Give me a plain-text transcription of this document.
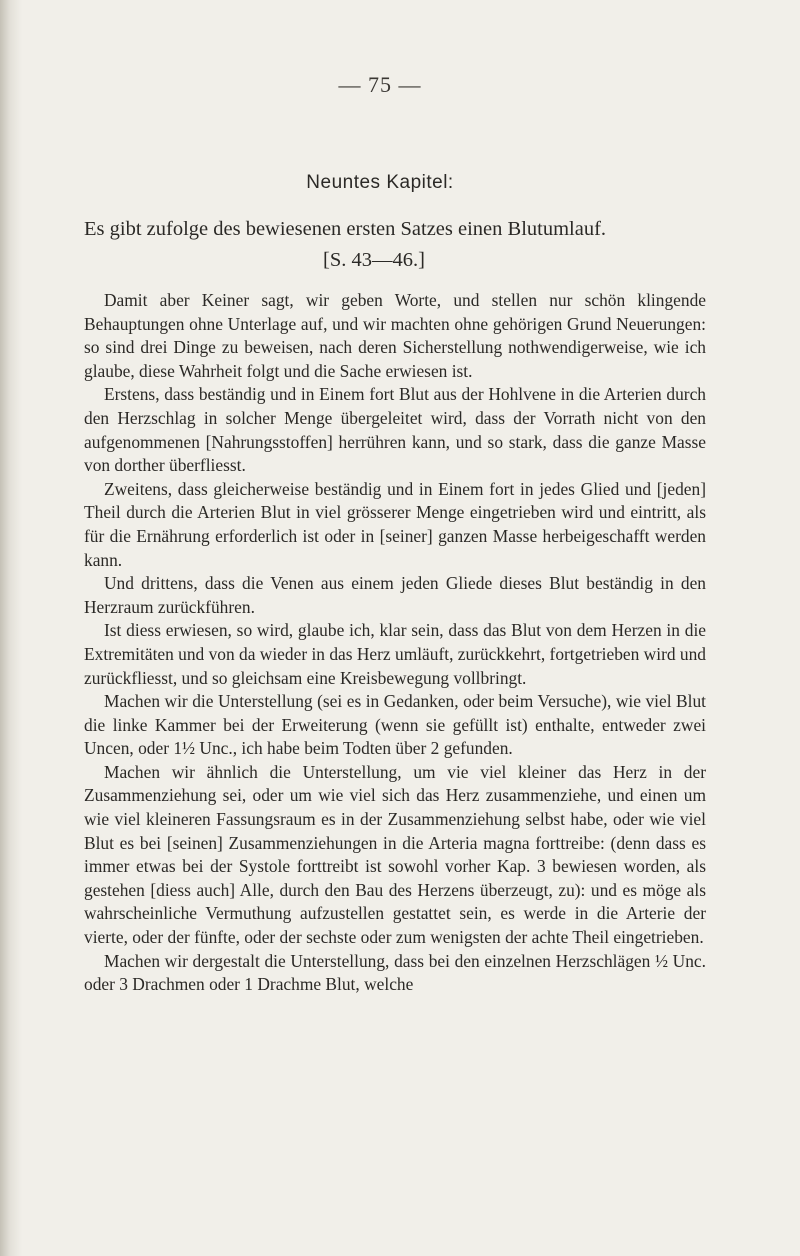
— 75 —
Neuntes Kapitel:
Es gibt zufolge des bewiesenen ersten Satzes einen Blutumlauf.
[S. 43—46.]

Damit aber Keiner sagt, wir geben Worte, und stellen nur schön klingende Behauptungen ohne Unterlage auf, und wir machten ohne gehörigen Grund Neuerungen: so sind drei Dinge zu beweisen, nach deren Sicherstellung nothwendigerweise, wie ich glaube, diese Wahrheit folgt und die Sache erwiesen ist.

Erstens, dass beständig und in Einem fort Blut aus der Hohlvene in die Arterien durch den Herzschlag in solcher Menge übergeleitet wird, dass der Vorrath nicht von den aufgenommenen [Nahrungsstoffen] herrühren kann, und so stark, dass die ganze Masse von dorther überfliesst.

Zweitens, dass gleicherweise beständig und in Einem fort in jedes Glied und [jeden] Theil durch die Arterien Blut in viel grösserer Menge eingetrieben wird und eintritt, als für die Ernährung erforderlich ist oder in [seiner] ganzen Masse herbeigeschafft werden kann.

Und drittens, dass die Venen aus einem jeden Gliede dieses Blut beständig in den Herzraum zurückführen.

Ist diess erwiesen, so wird, glaube ich, klar sein, dass das Blut von dem Herzen in die Extremitäten und von da wieder in das Herz umläuft, zurückkehrt, fortgetrieben wird und zurückfliesst, und so gleichsam eine Kreisbewegung vollbringt.

Machen wir die Unterstellung (sei es in Gedanken, oder beim Versuche), wie viel Blut die linke Kammer bei der Erweiterung (wenn sie gefüllt ist) enthalte, entweder zwei Uncen, oder 1½ Unc., ich habe beim Todten über 2 gefunden.

Machen wir ähnlich die Unterstellung, um vie viel kleiner das Herz in der Zusammenziehung sei, oder um wie viel sich das Herz zusammenziehe, und einen um wie viel kleineren Fassungsraum es in der Zusammenziehung selbst habe, oder wie viel Blut es bei [seinen] Zusammenziehungen in die Arteria magna forttreibe: (denn dass es immer etwas bei der Systole forttreibt ist sowohl vorher Kap. 3 bewiesen worden, als gestehen [diess auch] Alle, durch den Bau des Herzens überzeugt, zu): und es möge als wahrscheinliche Vermuthung aufzustellen gestattet sein, es werde in die Arterie der vierte, oder der fünfte, oder der sechste oder zum wenigsten der achte Theil eingetrieben.

Machen wir dergestalt die Unterstellung, dass bei den einzelnen Herzschlägen ½ Unc. oder 3 Drachmen oder 1 Drachme Blut, welche
